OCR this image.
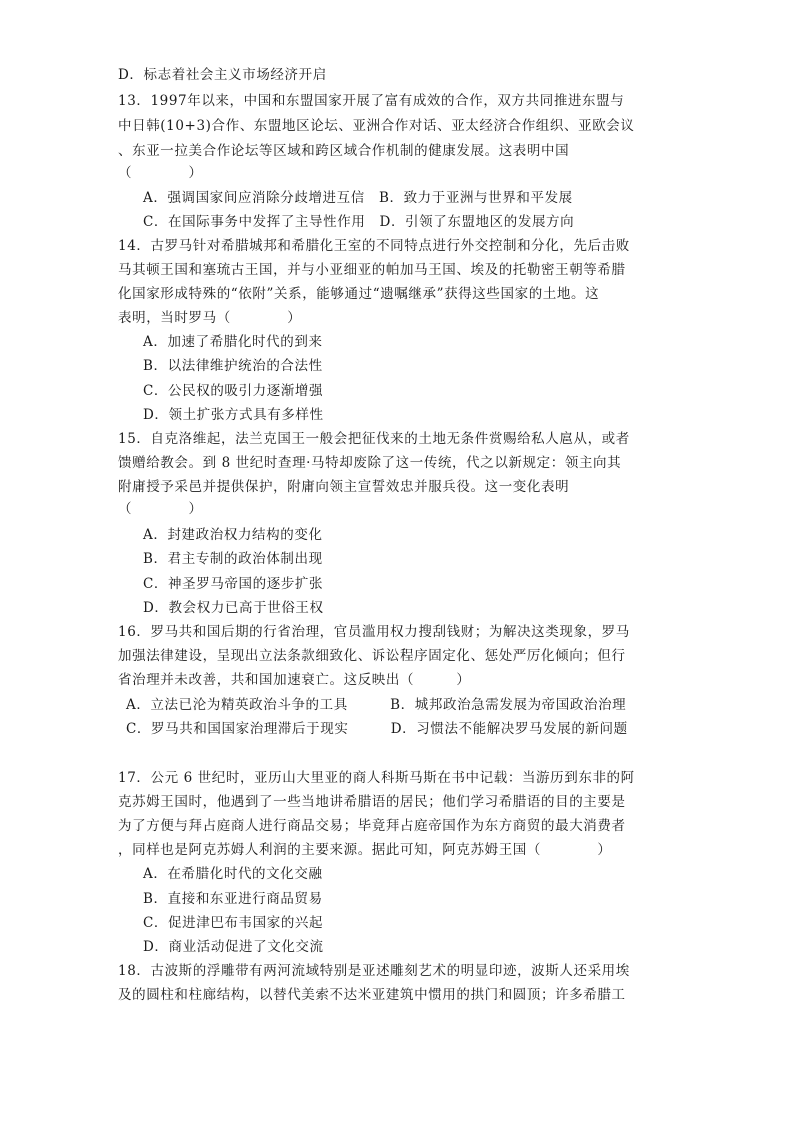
D．标志着社会主义市场经济开启
13．1997年以来，中国和东盟国家开展了富有成效的合作，双方共同推进东盟与
中日韩(10+3)合作、东盟地区论坛、亚洲合作对话、亚太经济合作组织、亚欧会议
、东亚一拉美合作论坛等区域和跨区域合作机制的健康发展。这表明中国
（　　　　）
A．强调国家间应消除分歧增进互信　B．致力于亚洲与世界和平发展
C．在国际事务中发挥了主导性作用　D．引领了东盟地区的发展方向
14．古罗马针对希腊城邦和希腊化王室的不同特点进行外交控制和分化，先后击败
马其顿王国和塞琉古王国，并与小亚细亚的帕加马王国、埃及的托勒密王朝等希腊
化国家形成特殊的“依附”关系，能够通过“遗嘱继承”获得这些国家的土地。这
表明，当时罗马（　　　　）
A．加速了希腊化时代的到来
B．以法律维护统治的合法性
C．公民权的吸引力逐渐增强
D．领土扩张方式具有多样性
15．自克洛维起，法兰克国王一般会把征伐来的土地无条件赏赐给私人扈从，或者
馈赠给教会。到 8 世纪时查理·马特却废除了这一传统，代之以新规定：领主向其
附庸授予采邑并提供保护，附庸向领主宣誓效忠并服兵役。这一变化表明
（　　　　）
A．封建政治权力结构的变化
B．君主专制的政治体制出现
C．神圣罗马帝国的逐步扩张
D．教会权力已高于世俗王权
16．罗马共和国后期的行省治理，官员滥用权力搜刮钱财；为解决这类现象，罗马
加强法律建设，呈现出立法条款细致化、诉讼程序固定化、惩处严厉化倾向；但行
省治理并未改善，共和国加速衰亡。这反映出（　　　）
A．立法已沦为精英政治斗争的工具　　　B．城邦政治急需发展为帝国政治治理
C．罗马共和国国家治理滞后于现实　　　D．习惯法不能解决罗马发展的新问题
17．公元 6 世纪时，亚历山大里亚的商人科斯马斯在书中记载：当游历到东非的阿
克苏姆王国时，他遇到了一些当地讲希腊语的居民；他们学习希腊语的目的主要是
为了方便与拜占庭商人进行商品交易；毕竟拜占庭帝国作为东方商贸的最大消费者
，同样也是阿克苏姆人利润的主要来源。据此可知，阿克苏姆王国（　　　　）
A．在希腊化时代的文化交融
B．直接和东亚进行商品贸易
C．促进津巴布韦国家的兴起
D．商业活动促进了文化交流
18．古波斯的浮雕带有两河流域特别是亚述雕刻艺术的明显印迹，波斯人还采用埃
及的圆柱和柱廊结构，以替代美索不达米亚建筑中惯用的拱门和圆顶；许多希腊工
